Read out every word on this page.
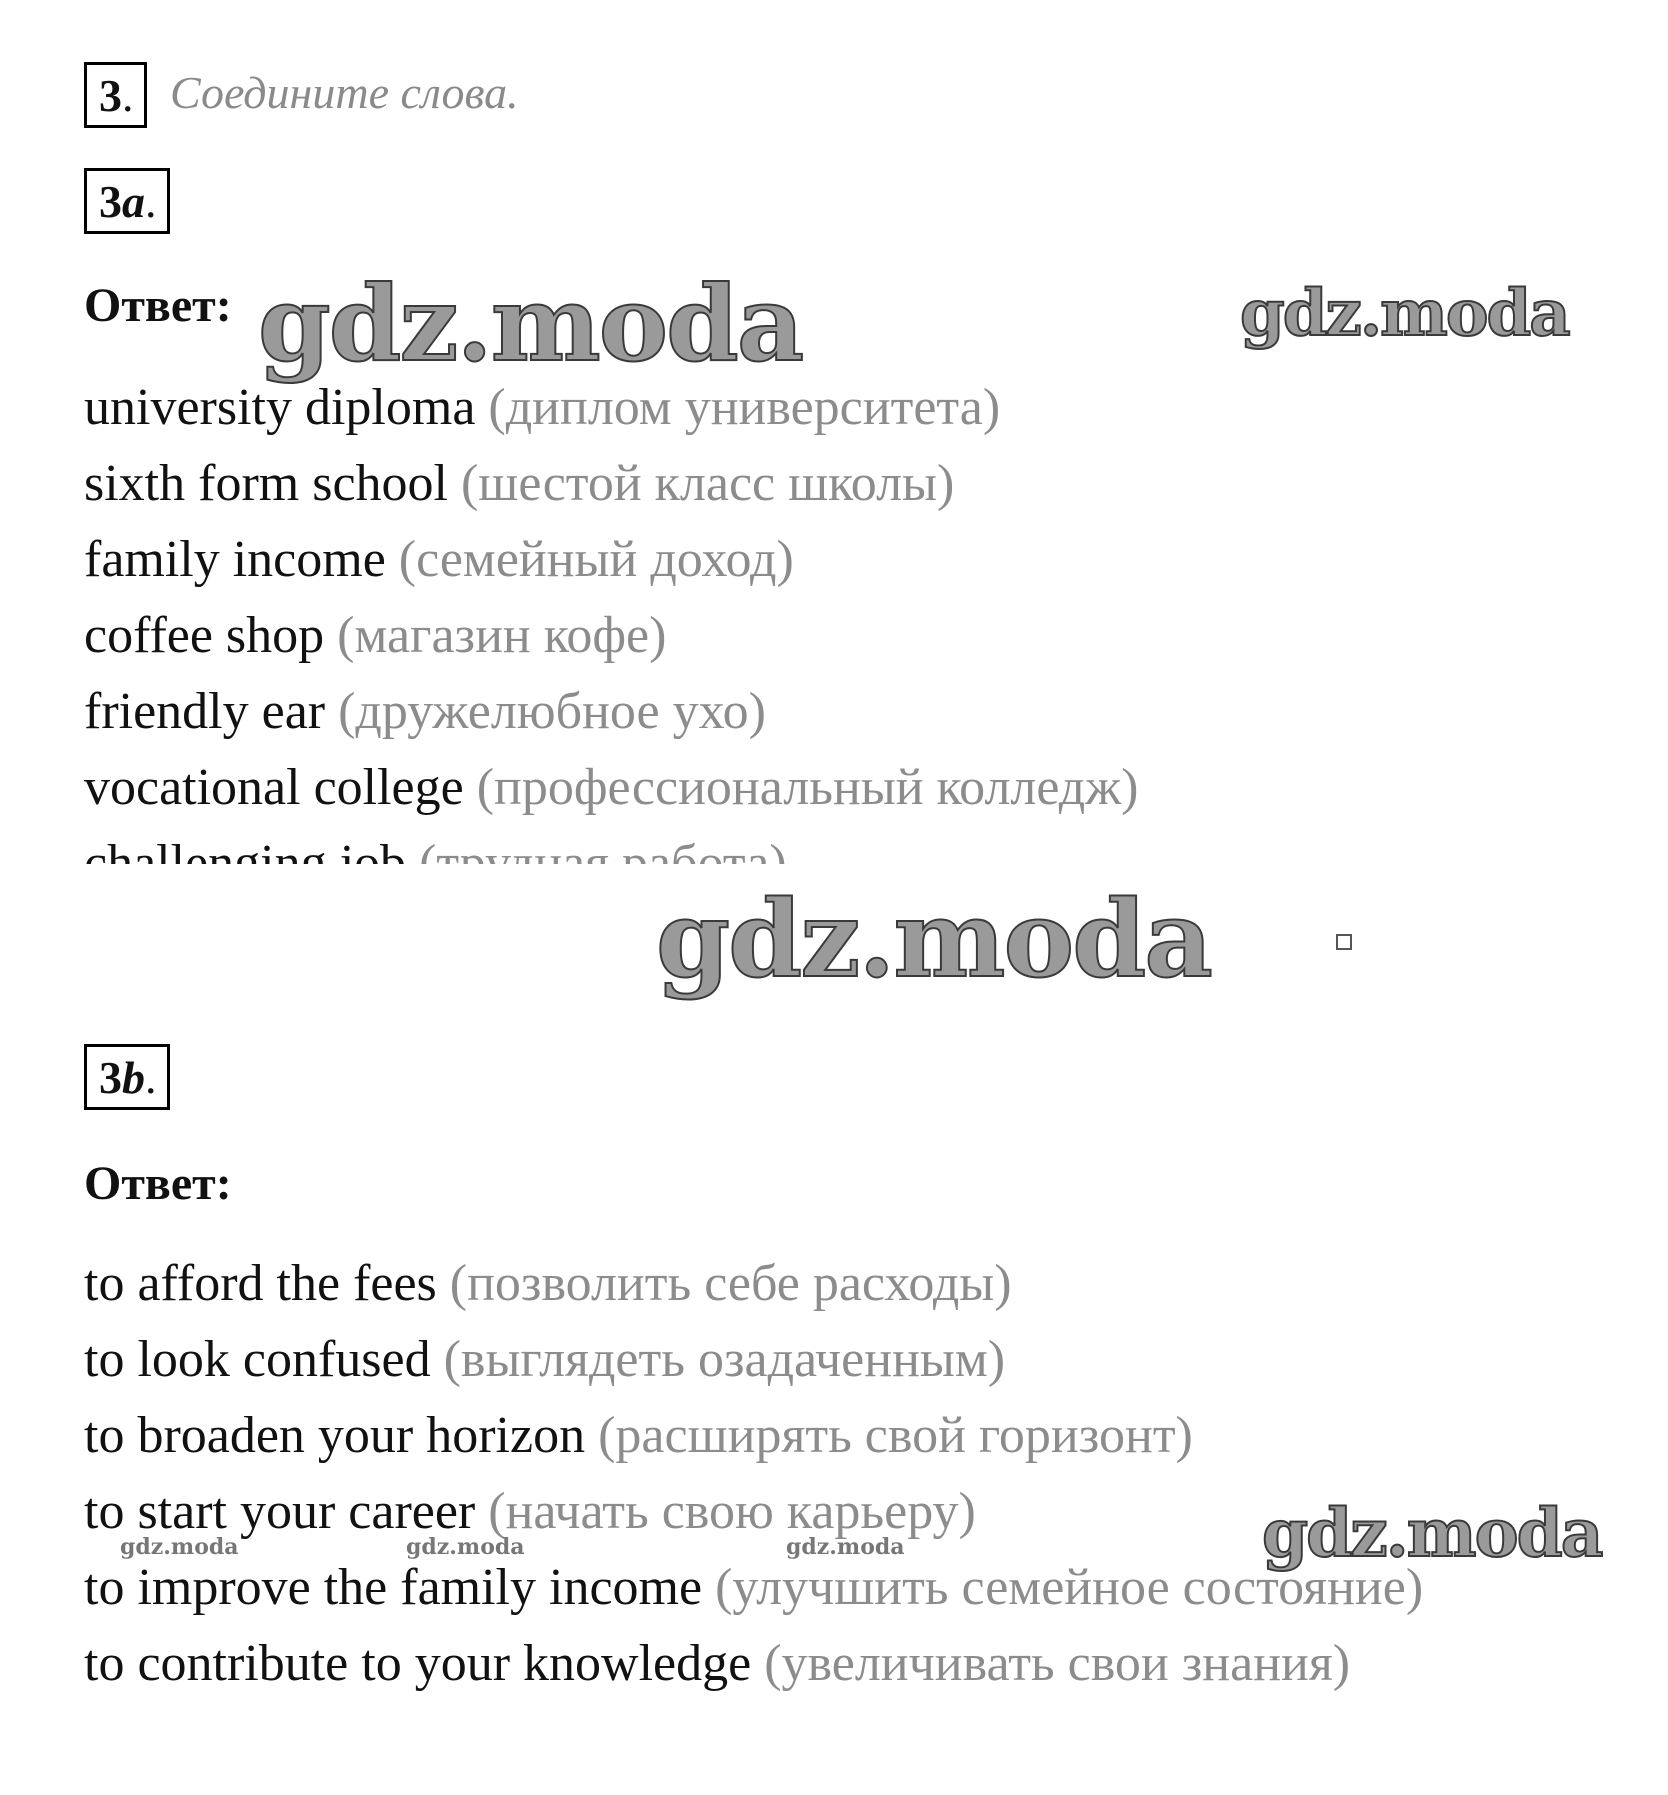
3. Соедините слова.
3a.
Ответ:
university diploma (диплом университета)
sixth form school (шестой класс школы)
family income (семейный доход)
coffee shop (магазин кофе)
friendly ear (дружелюбное ухо)
vocational college (профессиональный колледж)
3b.
Ответ:
to afford the fees (позволить себе расходы)
to look confused (выглядеть озадаченным)
to broaden your horizon (расширять свой горизонт)
to start your career (начать свою карьеру)
to improve the family income (улучшить семейное состояние)
to contribute to your knowledge (увеличивать свои знания)
gdz.moda	gdz.moda
gdz.moda
gdz.moda
gdz.moda	gdz.moda	gdz.moda
